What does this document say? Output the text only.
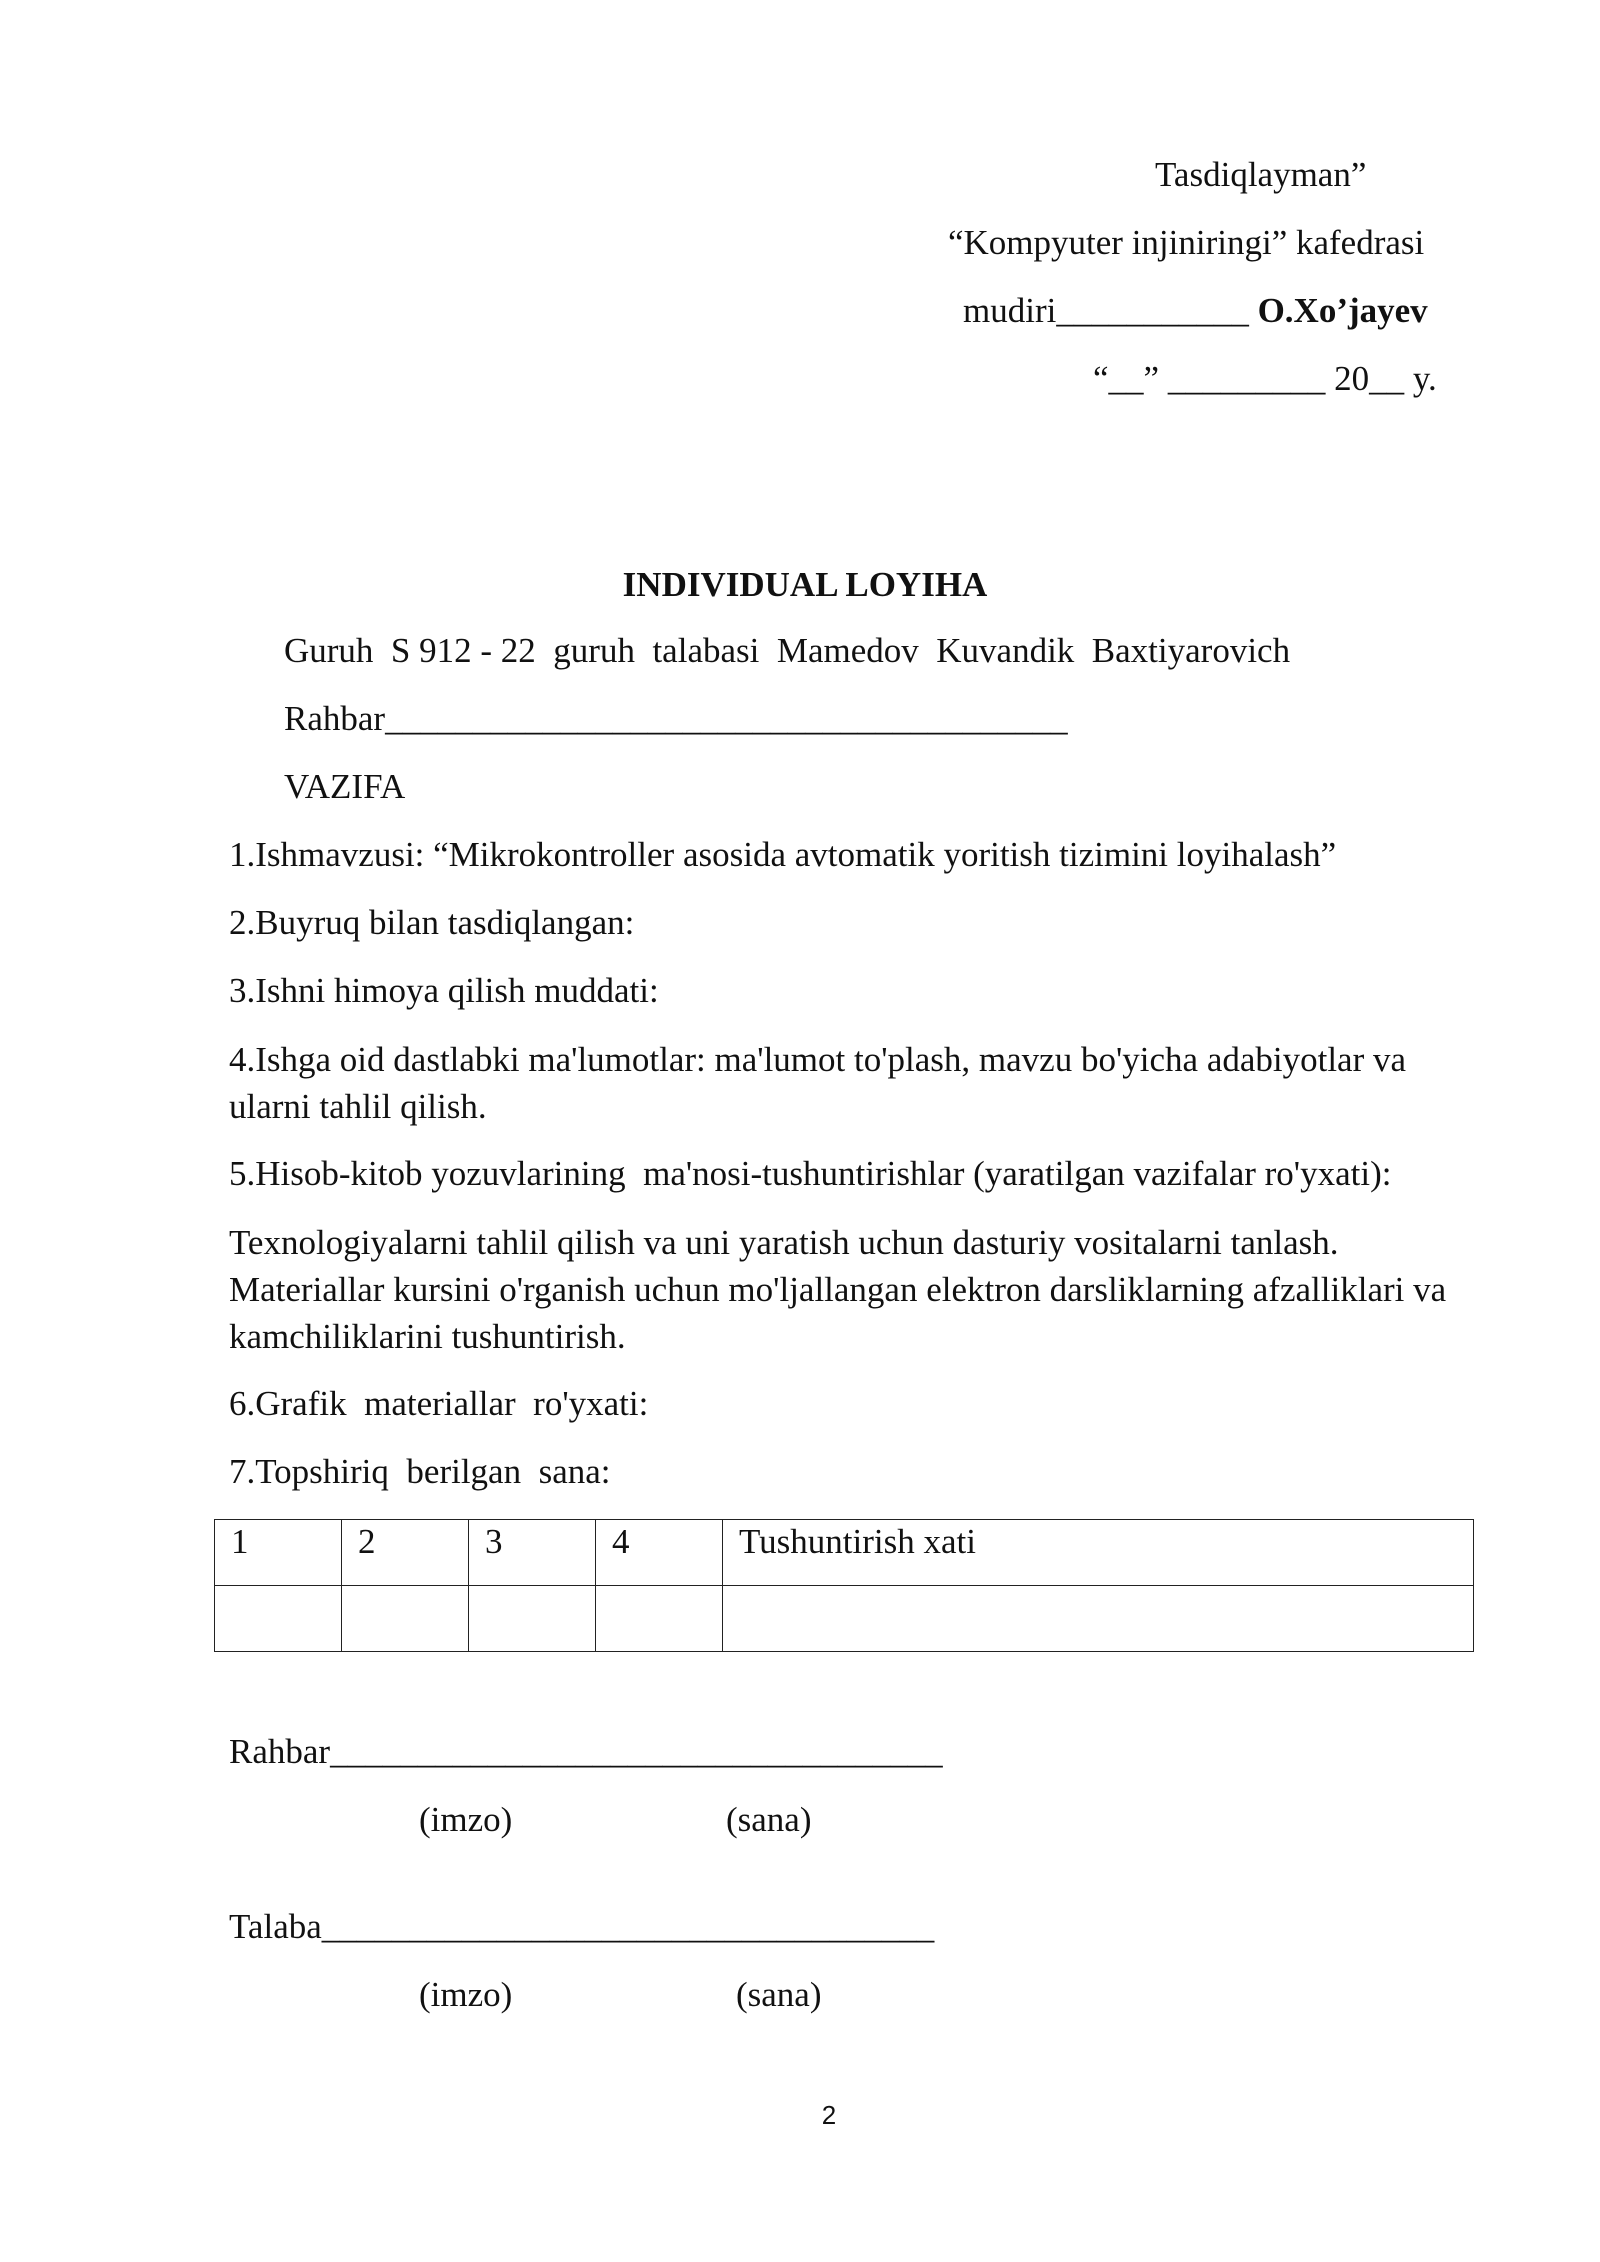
Tasdiqlayman”
“Kompyuter injiniringi” kafedrasi
mudiri___________ O.Xo’jayev
“__” _________ 20__ y.
INDIVIDUAL LOYIHA
Guruh  S 912 - 22  guruh  talabasi  Mamedov  Kuvandik  Baxtiyarovich
Rahbar_______________________________________
VAZIFA
1.Ishmavzusi: “Mikrokontroller asosida avtomatik yoritish tizimini loyihalash”
2.Buyruq bilan tasdiqlangan:
3.Ishni himoya qilish muddati:
4.Ishga oid dastlabki ma'lumotlar: ma'lumot to'plash, mavzu bo'yicha adabiyotlar va ularni tahlil qilish.
5.Hisob-kitob yozuvlarining  ma'nosi-tushuntirishlar (yaratilgan vazifalar ro'yxati):
Texnologiyalarni tahlil qilish va uni yaratish uchun dasturiy vositalarni tanlash. Materiallar kursini o'rganish uchun mo'ljallangan elektron darsliklarning afzalliklari va kamchiliklarini tushuntirish.
6.Grafik  materiallar  ro'yxati:
7.Topshiriq  berilgan  sana:
1	2	3	4	Tushuntirish xati

Rahbar___________________________________
(imzo)	(sana)
Talaba___________________________________
(imzo)	(sana)
2
